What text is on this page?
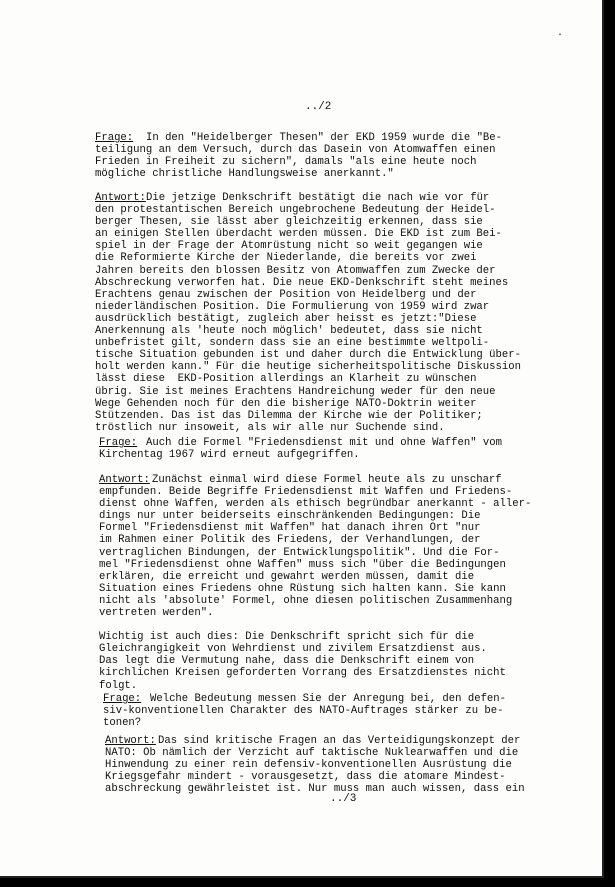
·

../2

Frage:	In den "Heidelberger Thesen" der EKD 1959 wurde die "Be-
teiligung an dem Versuch, durch das Dasein von Atomwaffen einen
Frieden in Freiheit zu sichern", damals "als eine heute noch
mögliche christliche Handlungsweise anerkannt."
Antwort: Die jetzige Denkschrift bestätigt die nach wie vor für
den protestantischen Bereich ungebrochene Bedeutung der Heidel-
berger Thesen, sie lässt aber gleichzeitig erkennen, dass sie
an einigen Stellen überdacht werden müssen. Die EKD ist zum Bei-
spiel in der Frage der Atomrüstung nicht so weit gegangen wie
die Reformierte Kirche der Niederlande, die bereits vor zwei
Jahren bereits den blossen Besitz von Atomwaffen zum Zwecke der
Abschreckung verworfen hat. Die neue EKD-Denkschrift steht meines
Erachtens genau zwischen der Position von Heidelberg und der
niederländischen Position. Die Formulierung von 1959 wird zwar
ausdrücklich bestätigt, zugleich aber heisst es jetzt:"Diese
Anerkennung als 'heute noch möglich' bedeutet, dass sie nicht
unbefristet gilt, sondern dass sie an eine bestimmte weltpoli-
tische Situation gebunden ist und daher durch die Entwicklung über-
holt werden kann." Für die heutige sicherheitspolitische Diskussion
lässt diese  EKD-Position allerdings an Klarheit zu wünschen
übrig. Sie ist meines Erachtens Handreichung weder für den neue
Wege Gehenden noch für den die bisherige NATO-Doktrin weiter
Stützenden. Das ist das Dilemma der Kirche wie der Politiker;
tröstlich nur insoweit, als wir alle nur Suchende sind.
Frage: Auch die Formel "Friedensdienst mit und ohne Waffen" vom
Kirchentag 1967 wird erneut aufgegriffen.
Antwort: Zunächst einmal wird diese Formel heute als zu unscharf
empfunden. Beide Begriffe Friedensdienst mit Waffen und Friedens-
dienst ohne Waffen, werden als ethisch begründbar anerkannt - aller-
dings nur unter beiderseits einschränkenden Bedingungen: Die
Formel "Friedensdienst mit Waffen" hat danach ihren Ort "nur
im Rahmen einer Politik des Friedens, der Verhandlungen, der
vertraglichen Bindungen, der Entwicklungspolitik". Und die For-
mel "Friedensdienst ohne Waffen" muss sich "über die Bedingungen
erklären, die erreicht und gewahrt werden müssen, damit die
Situation eines Friedens ohne Rüstung sich halten kann. Sie kann
nicht als 'absolute' Formel, ohne diesen politischen Zusammenhang
vertreten werden".
Wichtig ist auch dies: Die Denkschrift spricht sich für die
Gleichrangigkeit von Wehrdienst und zivilem Ersatzdienst aus.
Das legt die Vermutung nahe, dass die Denkschrift einem von
kirchlichen Kreisen geforderten Vorrang des Ersatzdienstes nicht
folgt.
Frage: Welche Bedeutung messen Sie der Anregung bei, den defen-
siv-konventionellen Charakter des NATO-Auftrages stärker zu be-
tonen?
Antwort: Das sind kritische Fragen an das Verteidigungskonzept der
NATO: Ob nämlich der Verzicht auf taktische Nuklearwaffen und die
Hinwendung zu einer rein defensiv-konventionellen Ausrüstung die
Kriegsgefahr mindert - vorausgesetzt, dass die atomare Mindest-
abschreckung gewährleistet ist. Nur muss man auch wissen, dass ein

../3
